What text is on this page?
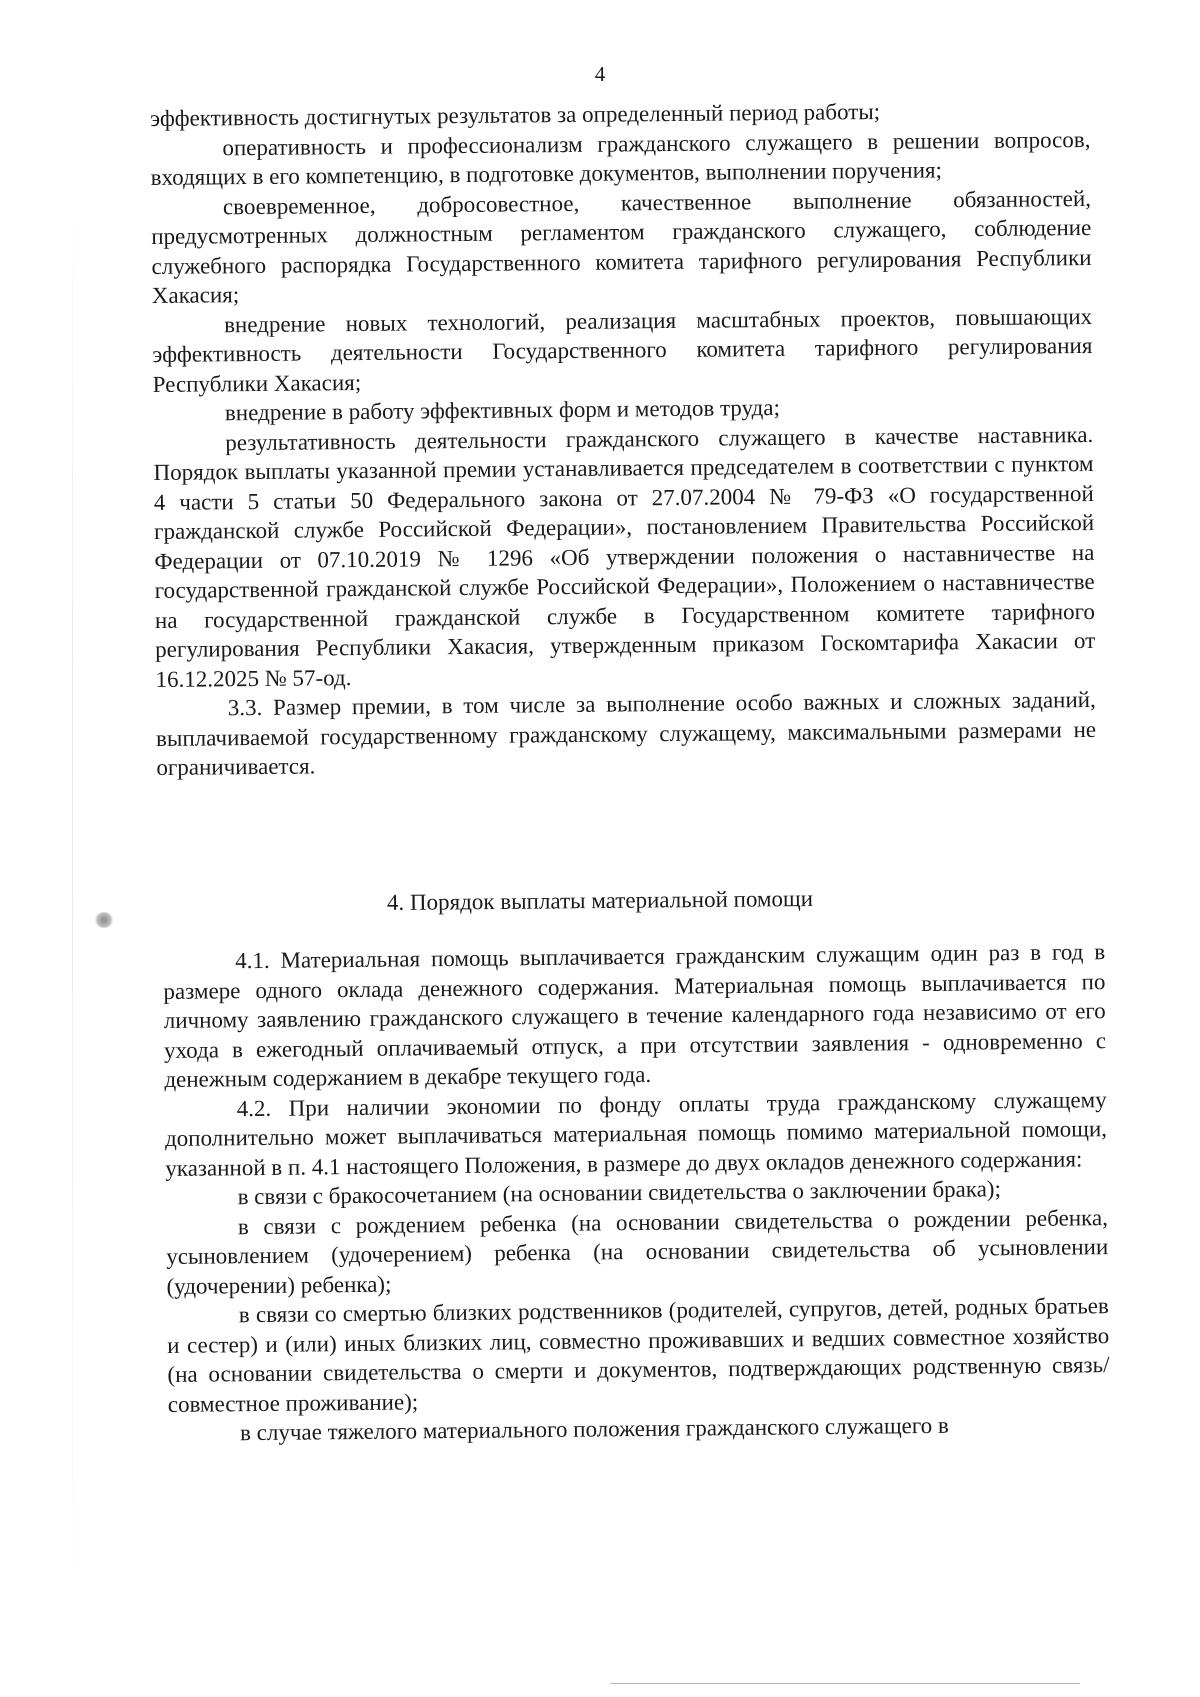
4

эффективность достигнутых результатов за определенный период работы;

оперативность и профессионализм гражданского служащего в решении вопросов, входящих в его компетенцию, в подготовке документов, выполнении поручения;

своевременное, добросовестное, качественное выполнение обязанностей, предусмотренных должностным регламентом гражданского служащего, соблюдение служебного распорядка Государственного комитета тарифного регулирования Республики Хакасия;

внедрение новых технологий, реализация масштабных проектов, повышающих эффективность деятельности Государственного комитета тарифного регулирования Республики Хакасия;

внедрение в работу эффективных форм и методов труда;

результативность деятельности гражданского служащего в качестве наставника. Порядок выплаты указанной премии устанавливается председателем в соответствии с пунктом 4 части 5 статьи 50 Федерального закона от 27.07.2004 № 79-ФЗ «О государственной гражданской службе Российской Федерации», постановлением Правительства Российской Федерации от 07.10.2019 № 1296 «Об утверждении положения о наставничестве на государственной гражданской службе Российской Федерации», Положением о наставничестве на государственной гражданской службе в Государственном комитете тарифного регулирования Республики Хакасия, утвержденным приказом Госкомтарифа Хакасии от 16.12.2025 № 57-од.

3.3. Размер премии, в том числе за выполнение особо важных и сложных заданий, выплачиваемой государственному гражданскому служащему, максимальными размерами не ограничивается.

4. Порядок выплаты материальной помощи

4.1. Материальная помощь выплачивается гражданским служащим один раз в год в размере одного оклада денежного содержания. Материальная помощь выплачивается по личному заявлению гражданского служащего в течение календарного года независимо от его ухода в ежегодный оплачиваемый отпуск, а при отсутствии заявления - одновременно с денежным содержанием в декабре текущего года.

4.2. При наличии экономии по фонду оплаты труда гражданскому служащему дополнительно может выплачиваться материальная помощь помимо материальной помощи, указанной в п. 4.1 настоящего Положения, в размере до двух окладов денежного содержания:

в связи с бракосочетанием (на основании свидетельства о заключении брака);

в связи с рождением ребенка (на основании свидетельства о рождении ребенка, усыновлением (удочерением) ребенка (на основании свидетельства об усыновлении (удочерении) ребенка);

в связи со смертью близких родственников (родителей, супругов, детей, родных братьев и сестер) и (или) иных близких лиц, совместно проживавших и ведших совместное хозяйство (на основании свидетельства о смерти и документов, подтверждающих родственную связь/совместное проживание);

в случае тяжелого материального положения гражданского служащего в
